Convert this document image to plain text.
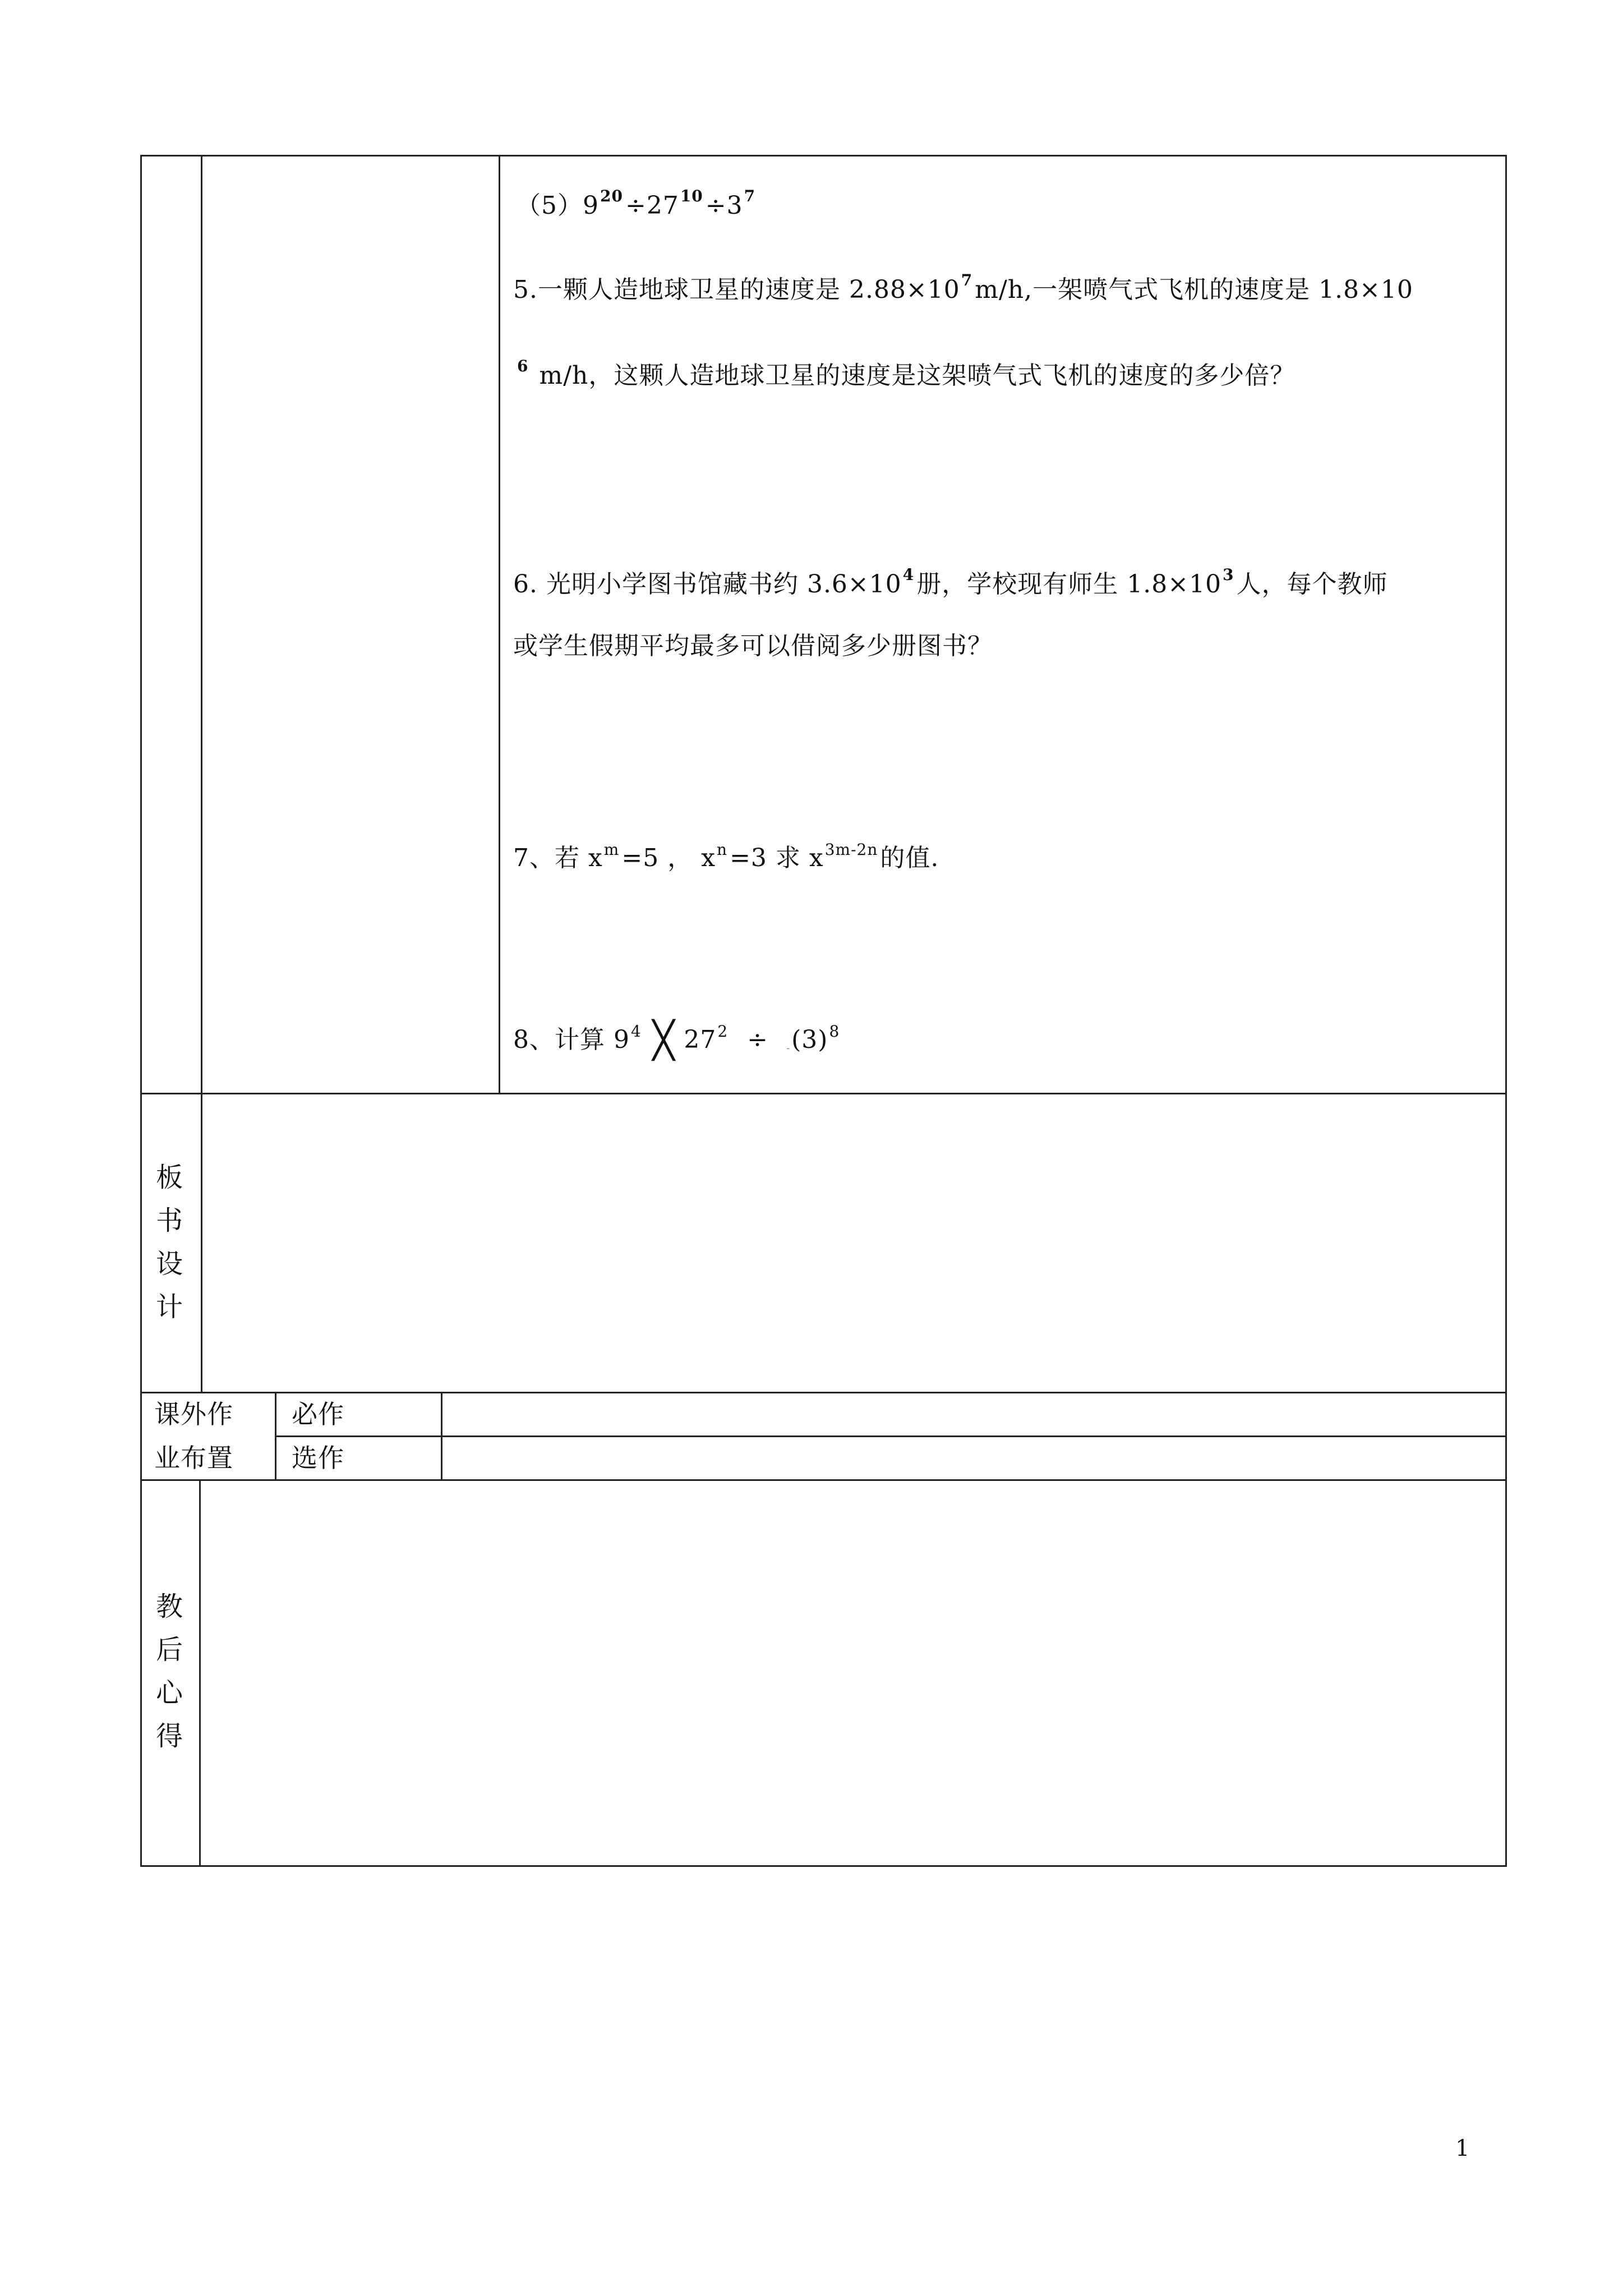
$(5)9^{20}\div 27^{10}\div 3^7$
5.一颗人造地球卫星的速度是 $2.88\times 10^7m/h$,一架喷气式飞机的速度是 1.8×10
$^6$ m/h，这颗人造地球卫星的速度是这架喷气式飞机的速度的多少倍？
6. 光明小学图书馆藏书约 $3.6\times 10^4$册，学校现有师生 $1.8\times 10^3$人，每个教师
或学生假期平均最多可以借阅多少册图书？
7、若 $x^m=5$ ， $x^n=3$ 求 $x^{3m-2n}$的值.
8、计算 $9^4$ ╳ $27^2 \div -(3)^8$
板
书
设
计
课外作
业布置
必作
选作
教
后
心
得
1
